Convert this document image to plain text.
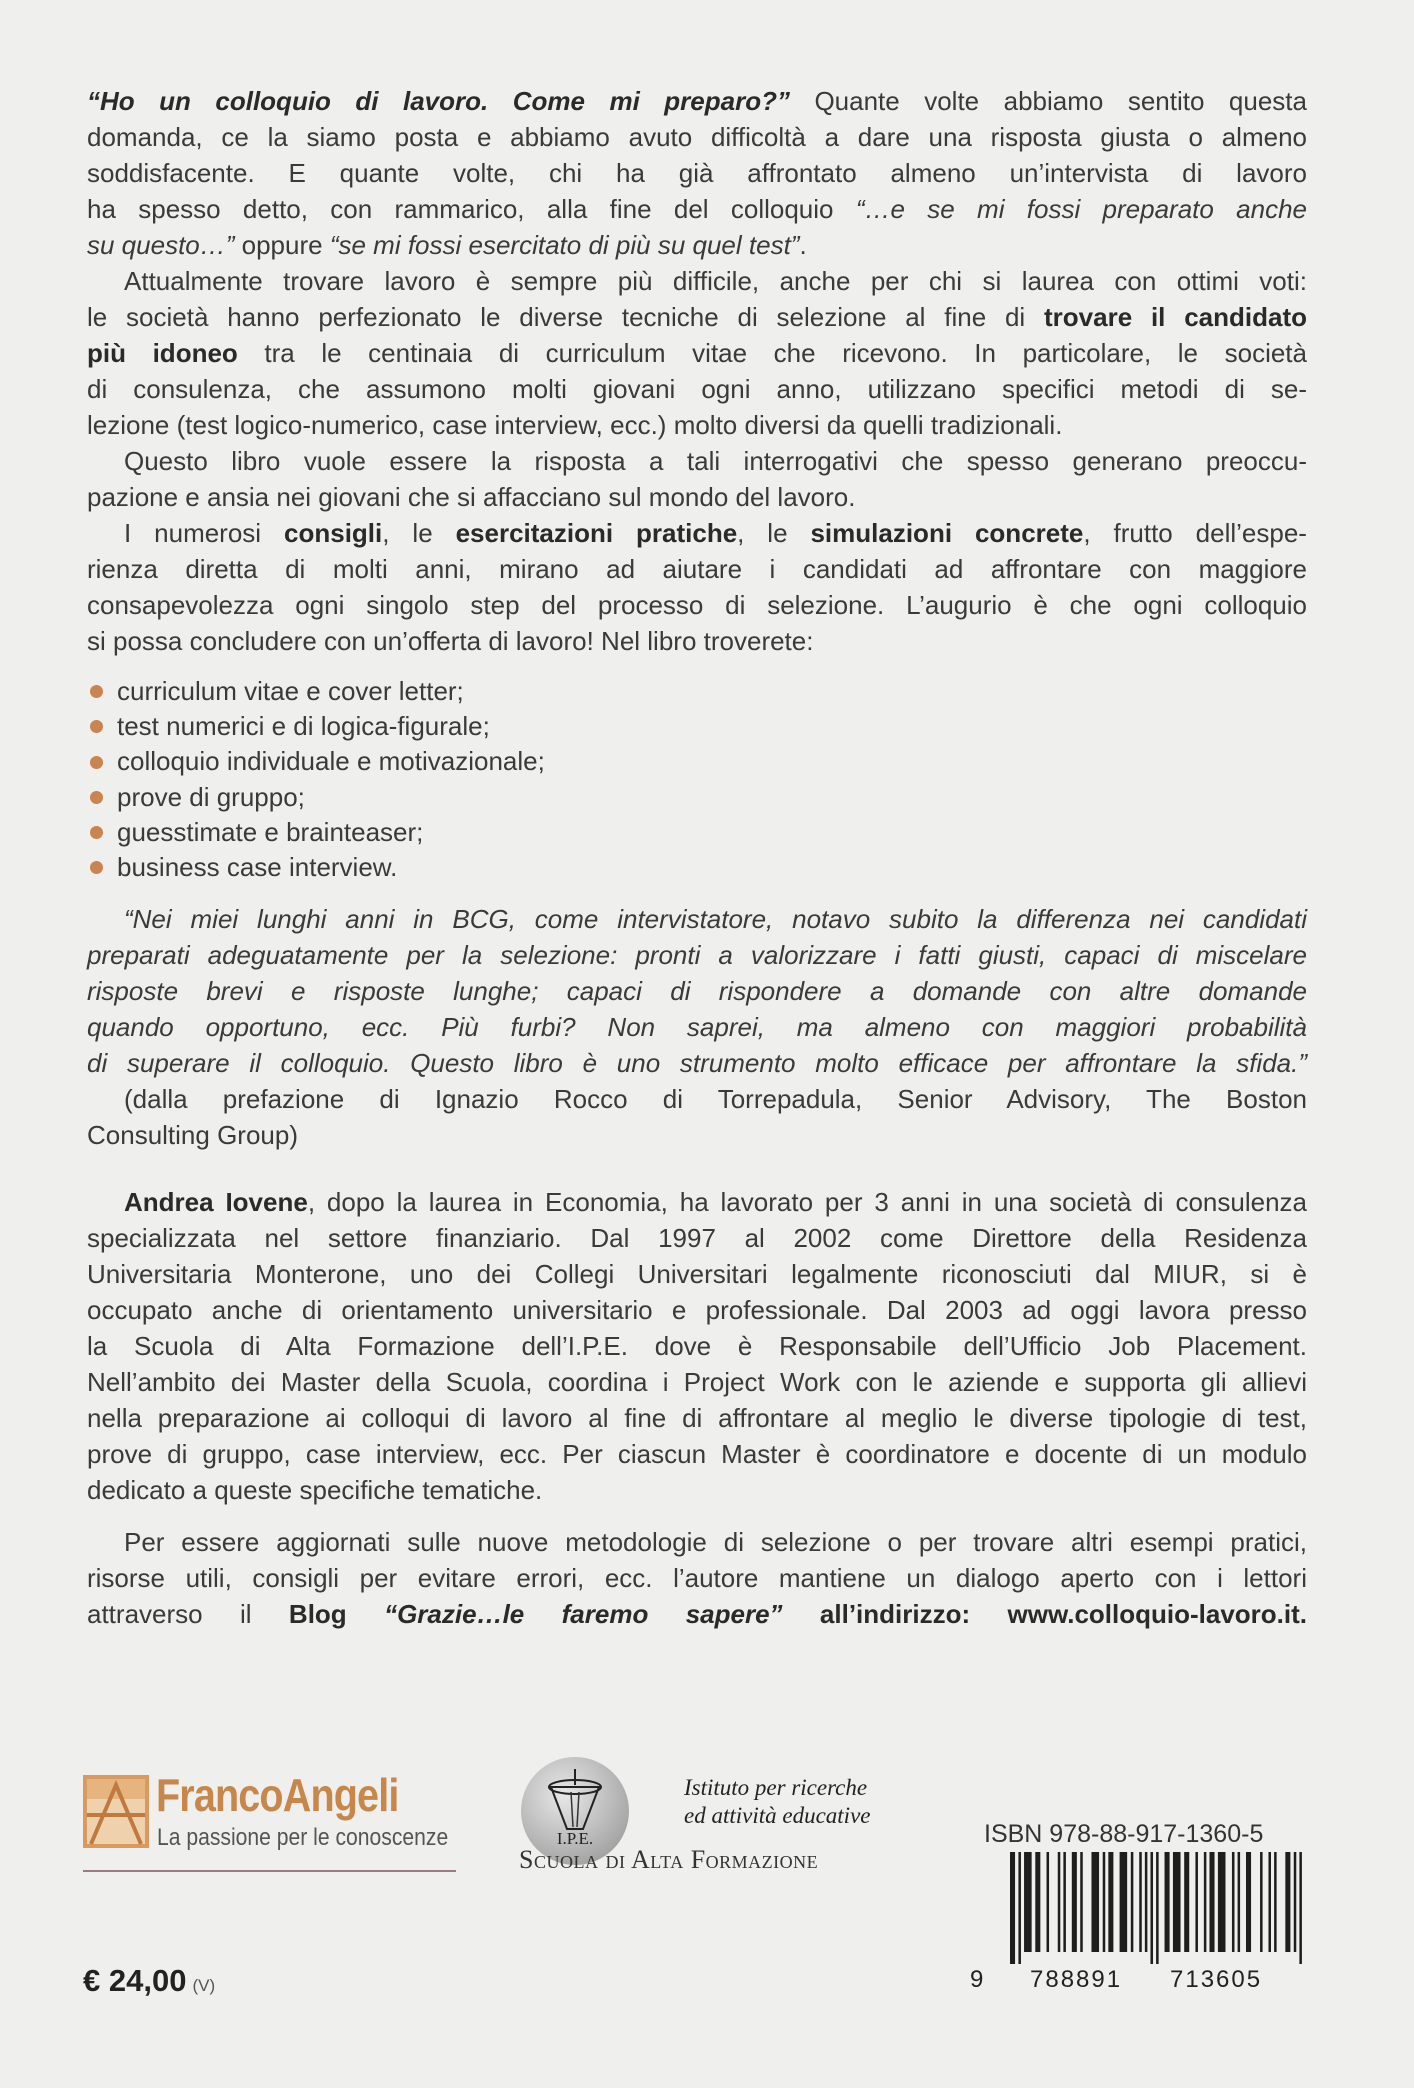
“Ho un colloquio di lavoro. Come mi preparo?” Quante volte abbiamo sentito questa
domanda, ce la siamo posta e abbiamo avuto difficoltà a dare una risposta giusta o almeno
soddisfacente. E quante volte, chi ha già affrontato almeno un’intervista di lavoro
ha spesso detto, con rammarico, alla fine del colloquio “…e se mi fossi preparato anche
su questo…” oppure “se mi fossi esercitato di più su quel test”.
Attualmente trovare lavoro è sempre più difficile, anche per chi si laurea con ottimi voti:
le società hanno perfezionato le diverse tecniche di selezione al fine di trovare il candidato
più idoneo tra le centinaia di curriculum vitae che ricevono. In particolare, le società
di consulenza, che assumono molti giovani ogni anno, utilizzano specifici metodi di se-
lezione (test logico-numerico, case interview, ecc.) molto diversi da quelli tradizionali.
Questo libro vuole essere la risposta a tali interrogativi che spesso generano preoccu-
pazione e ansia nei giovani che si affacciano sul mondo del lavoro.
I numerosi consigli, le esercitazioni pratiche, le simulazioni concrete, frutto dell’espe-
rienza diretta di molti anni, mirano ad aiutare i candidati ad affrontare con maggiore
consapevolezza ogni singolo step del processo di selezione. L’augurio è che ogni colloquio
si possa concludere con un’offerta di lavoro! Nel libro troverete:
curriculum vitae e cover letter;
test numerici e di logica-figurale;
colloquio individuale e motivazionale;
prove di gruppo;
guesstimate e brainteaser;
business case interview.
“Nei miei lunghi anni in BCG, come intervistatore, notavo subito la differenza nei candidati
preparati adeguatamente per la selezione: pronti a valorizzare i fatti giusti, capaci di miscelare
risposte brevi e risposte lunghe; capaci di rispondere a domande con altre domande
quando opportuno, ecc. Più furbi? Non saprei, ma almeno con maggiori probabilità
di superare il colloquio. Questo libro è uno strumento molto efficace per affrontare la sfida.”
(dalla prefazione di Ignazio Rocco di Torrepadula, Senior Advisory, The Boston
Consulting Group)
Andrea Iovene, dopo la laurea in Economia, ha lavorato per 3 anni in una società di consulenza
specializzata nel settore finanziario. Dal 1997 al 2002 come Direttore della Residenza
Universitaria Monterone, uno dei Collegi Universitari legalmente riconosciuti dal MIUR, si è
occupato anche di orientamento universitario e professionale. Dal 2003 ad oggi lavora presso
la Scuola di Alta Formazione dell’I.P.E. dove è Responsabile dell’Ufficio Job Placement.
Nell’ambito dei Master della Scuola, coordina i Project Work con le aziende e supporta gli allievi
nella preparazione ai colloqui di lavoro al fine di affrontare al meglio le diverse tipologie di test,
prove di gruppo, case interview, ecc. Per ciascun Master è coordinatore e docente di un modulo
dedicato a queste specifiche tematiche.
Per essere aggiornati sulle nuove metodologie di selezione o per trovare altri esempi pratici,
risorse utili, consigli per evitare errori, ecc. l’autore mantiene un dialogo aperto con i lettori
attraverso il Blog “Grazie…le faremo sapere” all’indirizzo: www.colloquio-lavoro.it.
FrancoAngeli
La passione per le conoscenze	I.P.E.
Istituto per ricerche
ed attività educative
Scuola di Alta Formazione
ISBN 978-88-917-1360-5
9 788891 713605
€ 24,00 (V)
